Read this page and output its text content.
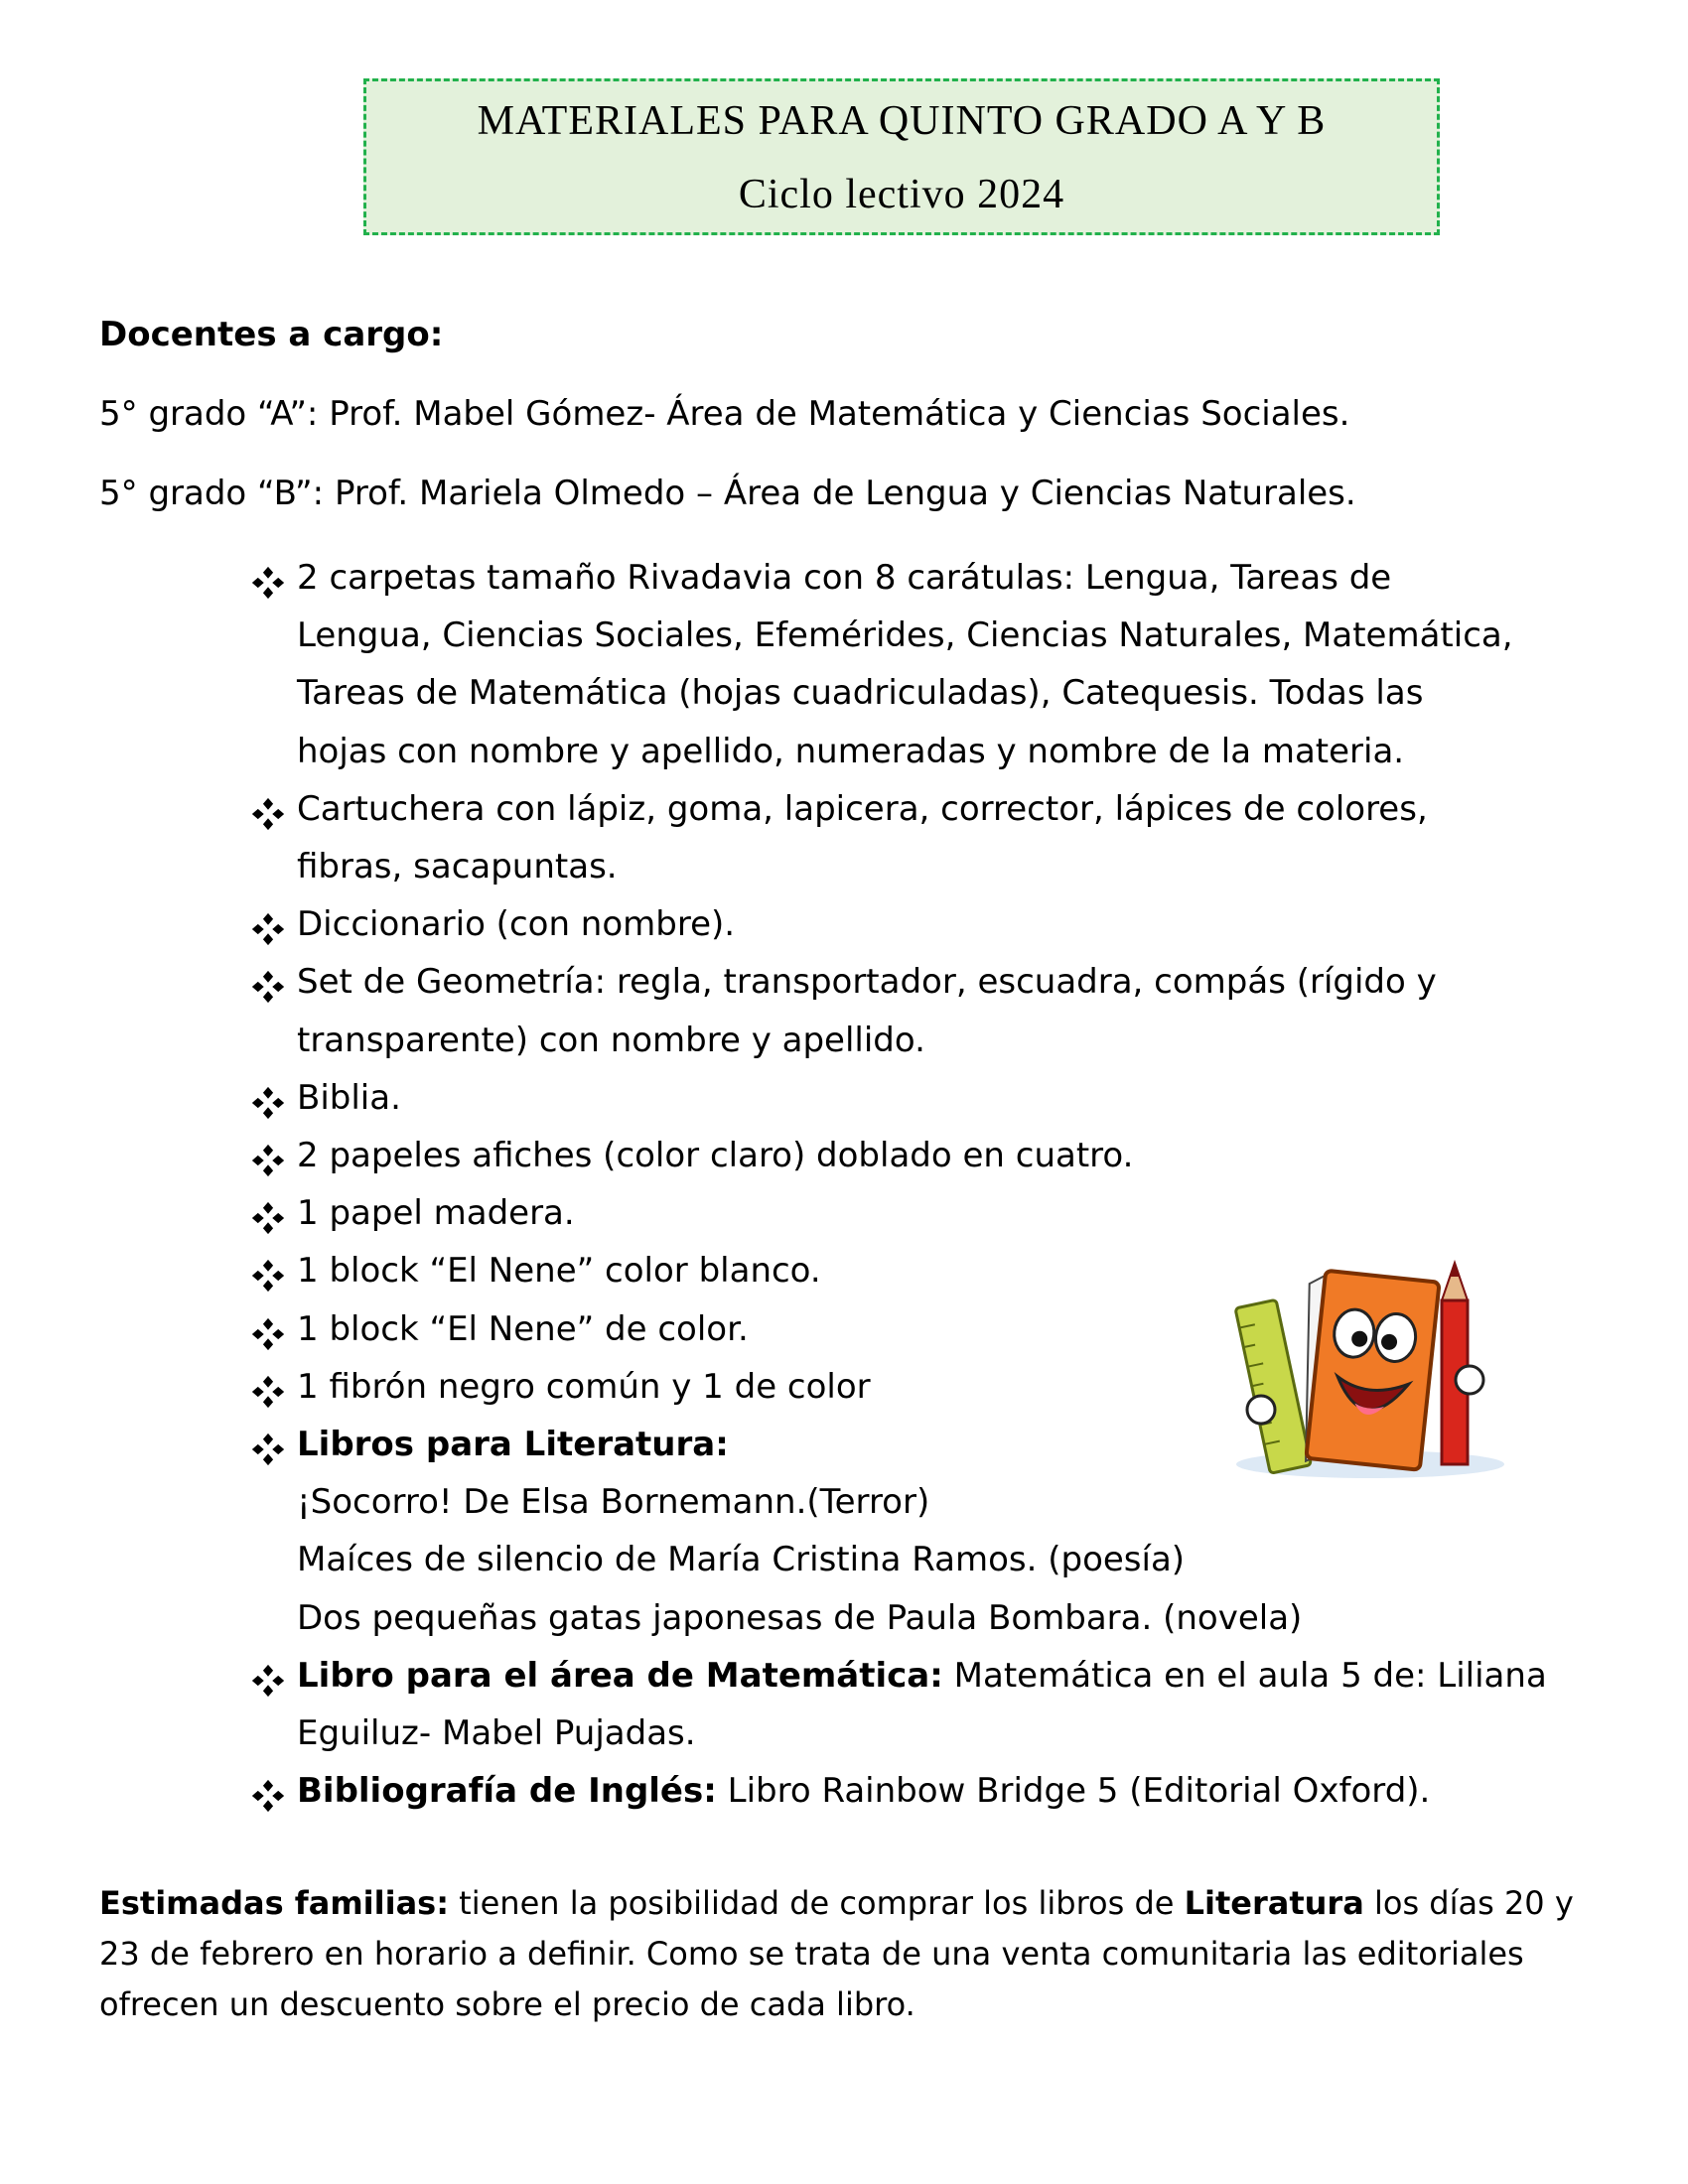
MATERIALES PARA QUINTO GRADO A Y B
Ciclo lectivo 2024
Docentes a cargo:
5° grado “A”: Prof. Mabel Gómez- Área de Matemática y Ciencias Sociales.
5° grado “B”: Prof. Mariela Olmedo – Área de Lengua y Ciencias Naturales.
2 carpetas tamaño Rivadavia con 8 carátulas: Lengua, Tareas de
Lengua, Ciencias Sociales, Efemérides, Ciencias Naturales, Matemática,
Tareas de Matemática (hojas cuadriculadas), Catequesis. Todas las
hojas con nombre y apellido, numeradas y nombre de la materia.
Cartuchera con lápiz, goma, lapicera, corrector, lápices de colores,
fibras, sacapuntas.
Diccionario (con nombre).
Set de Geometría: regla, transportador, escuadra, compás (rígido y
transparente) con nombre y apellido.
Biblia.
2 papeles afiches (color claro) doblado en cuatro.
1 papel madera.
1 block “El Nene” color blanco.
1 block “El Nene” de color.
1 fibrón negro común y 1 de color
Libros para Literatura:
¡Socorro! De Elsa Bornemann.(Terror)
Maíces de silencio de María Cristina Ramos. (poesía)
Dos pequeñas gatas japonesas de Paula Bombara. (novela)
Libro para el área de Matemática: Matemática en el aula 5 de: Liliana
Eguiluz- Mabel Pujadas.
Bibliografía de Inglés: Libro Rainbow Bridge 5 (Editorial Oxford).
Estimadas familias: tienen la posibilidad de comprar los libros de Literatura los días 20 y 23 de febrero en horario a definir. Como se trata de una venta comunitaria las editoriales ofrecen un descuento sobre el precio de cada libro.
